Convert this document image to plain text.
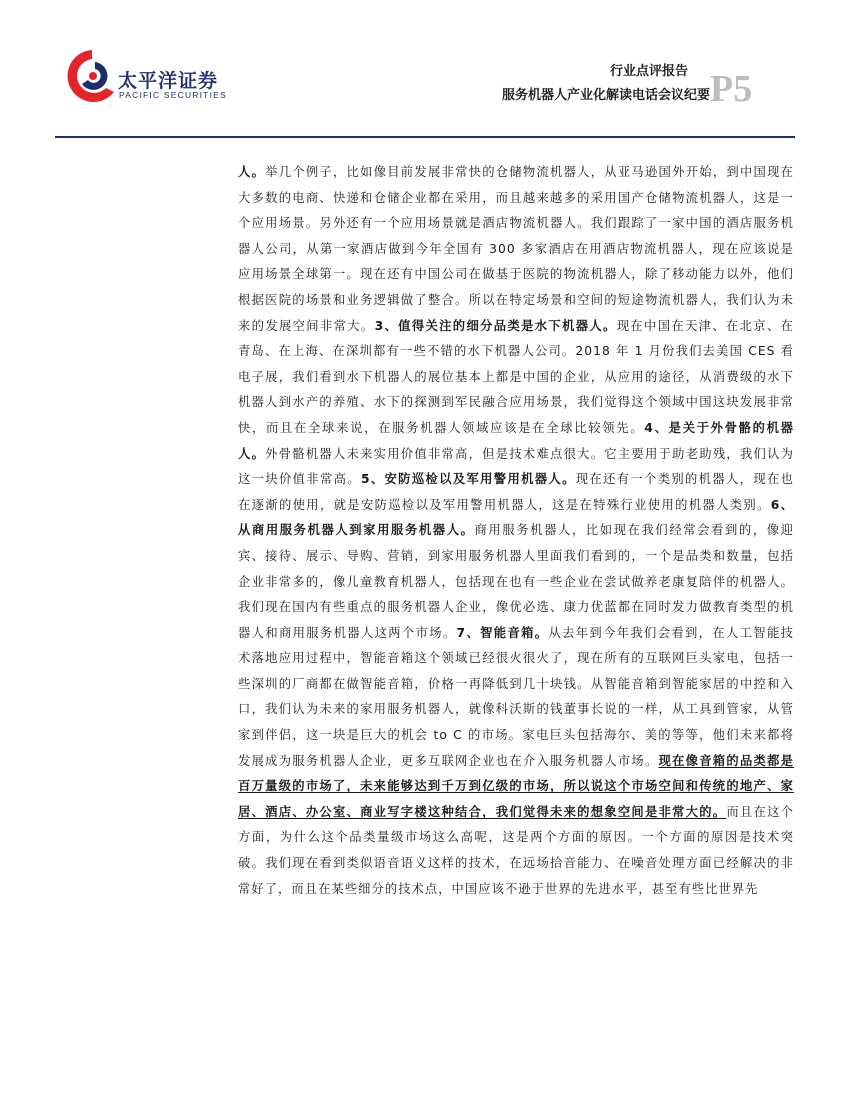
太平洋证券
PACIFIC SECURITIES
行业点评报告
服务机器人产业化解读电话会议纪要 P5

人。举几个例子，比如像目前发展非常快的仓储物流机器人，从亚马逊国外开始，到中国现在大多数的电商、快递和仓储企业都在采用，而且越来越多的采用国产仓储物流机器人，这是一个应用场景。另外还有一个应用场景就是酒店物流机器人。我们跟踪了一家中国的酒店服务机器人公司，从第一家酒店做到今年全国有 300 多家酒店在用酒店物流机器人，现在应该说是应用场景全球第一。现在还有中国公司在做基于医院的物流机器人，除了移动能力以外，他们根据医院的场景和业务逻辑做了整合。所以在特定场景和空间的短途物流机器人，我们认为未来的发展空间非常大。3、值得关注的细分品类是水下机器人。现在中国在天津、在北京、在青岛、在上海、在深圳都有一些不错的水下机器人公司。2018 年 1 月份我们去美国 CES 看电子展，我们看到水下机器人的展位基本上都是中国的企业，从应用的途径，从消费级的水下机器人到水产的养殖、水下的探测到军民融合应用场景，我们觉得这个领域中国这块发展非常快，而且在全球来说，在服务机器人领域应该是在全球比较领先。4、是关于外骨骼的机器人。外骨骼机器人未来实用价值非常高，但是技术难点很大。它主要用于助老助残，我们认为这一块价值非常高。5、安防巡检以及军用警用机器人。现在还有一个类别的机器人，现在也在逐渐的使用，就是安防巡检以及军用警用机器人，这是在特殊行业使用的机器人类别。6、从商用服务机器人到家用服务机器人。商用服务机器人，比如现在我们经常会看到的，像迎宾、接待、展示、导购、营销，到家用服务机器人里面我们看到的，一个是品类和数量，包括企业非常多的，像儿童教育机器人，包括现在也有一些企业在尝试做养老康复陪伴的机器人。我们现在国内有些重点的服务机器人企业，像优必选、康力优蓝都在同时发力做教育类型的机器人和商用服务机器人这两个市场。7、智能音箱。从去年到今年我们会看到，在人工智能技术落地应用过程中，智能音箱这个领域已经很火很火了，现在所有的互联网巨头家电，包括一些深圳的厂商都在做智能音箱，价格一再降低到几十块钱。从智能音箱到智能家居的中控和入口，我们认为未来的家用服务机器人，就像科沃斯的钱董事长说的一样，从工具到管家，从管家到伴侣，这一块是巨大的机会 to C 的市场。家电巨头包括海尔、美的等等，他们未来都将发展成为服务机器人企业，更多互联网企业也在介入服务机器人市场。现在像音箱的品类都是百万量级的市场了，未来能够达到千万到亿级的市场，所以说这个市场空间和传统的地产、家居、酒店、办公室、商业写字楼这种结合，我们觉得未来的想象空间是非常大的。而且在这个方面，为什么这个品类量级市场这么高呢，这是两个方面的原因。一个方面的原因是技术突破。我们现在看到类似语音语义这样的技术，在远场拾音能力、在噪音处理方面已经解决的非常好了，而且在某些细分的技术点，中国应该不逊于世界的先进水平，甚至有些比世界先
